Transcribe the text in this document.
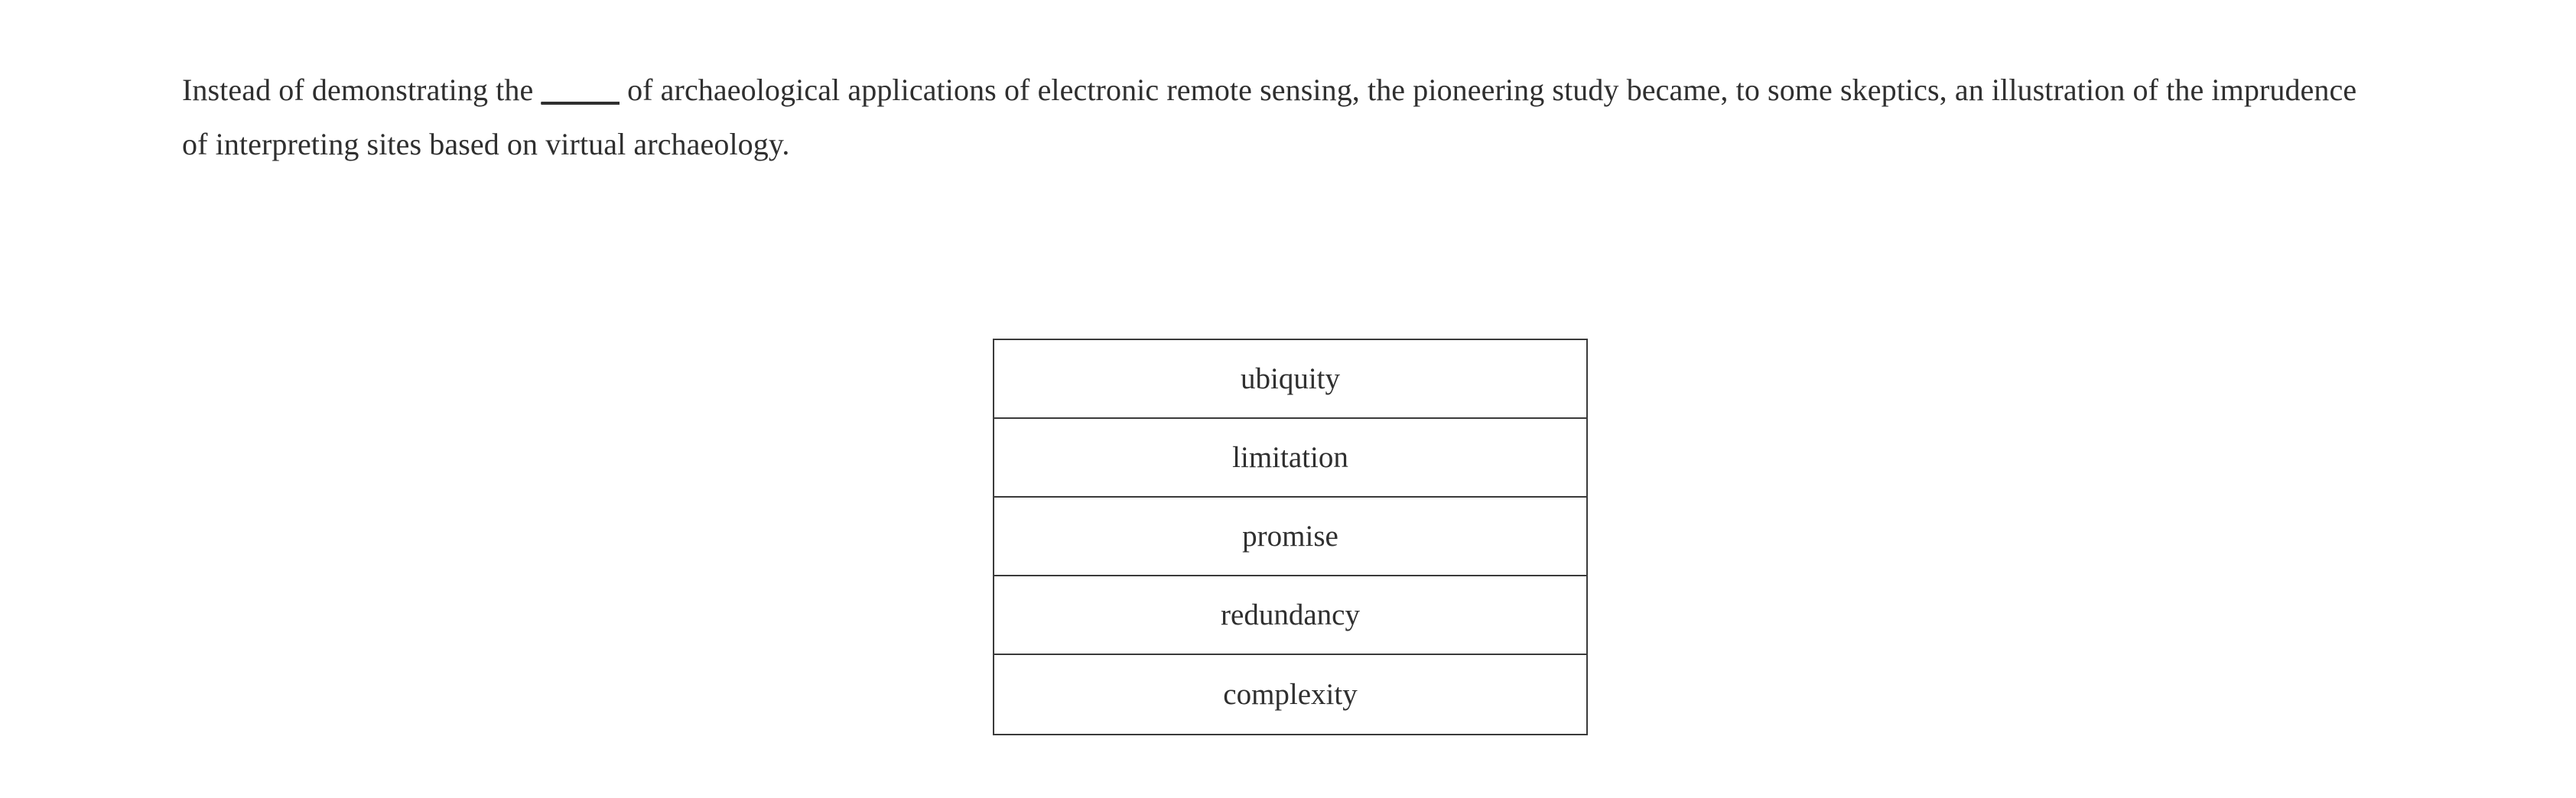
Instead of demonstrating the _____ of archaeological applications of electronic remote sensing, the pioneering study became, to some skeptics, an illustration of the imprudence of interpreting sites based on virtual archaeology.

ubiquity
limitation
promise
redundancy
complexity
